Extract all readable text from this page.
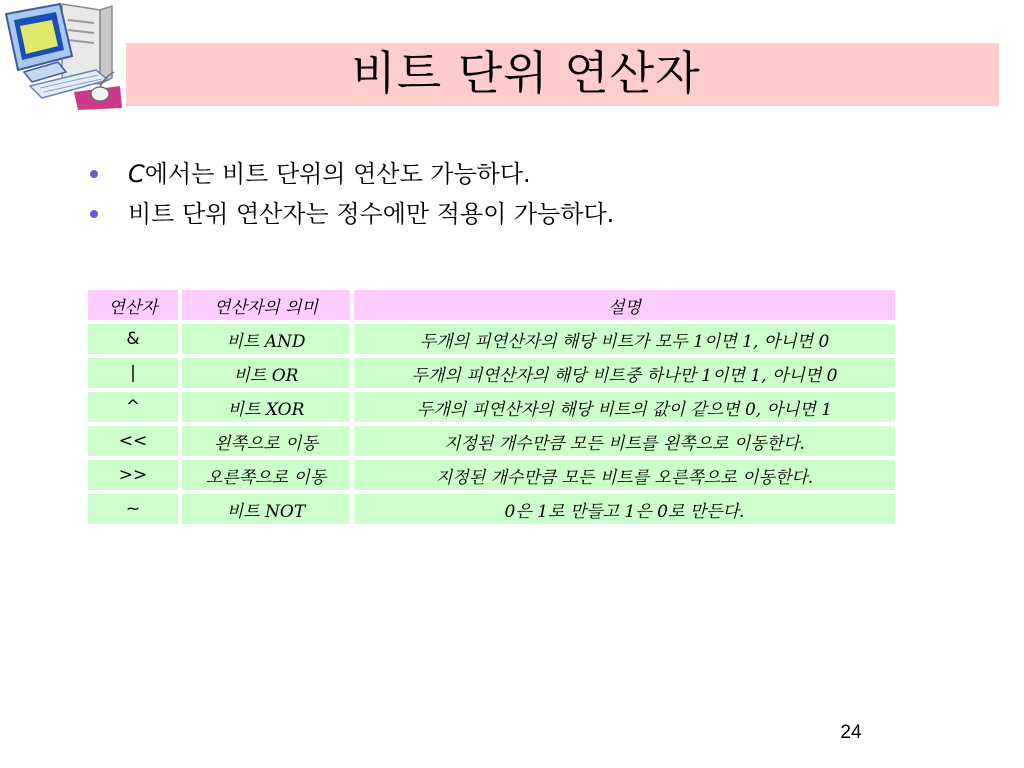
비트 단위 연산자
C에서는 비트 단위의 연산도 가능하다.
비트 단위 연산자는 정수에만 적용이 가능하다.
연산자	연산자의 의미	설명
&	비트 AND	두개의 피연산자의 해당 비트가 모두 1이면 1, 아니면 0
|	비트 OR	두개의 피연산자의 해당 비트중 하나만 1이면 1, 아니면 0
^	비트 XOR	두개의 피연산자의 해당 비트의 값이 같으면 0, 아니면 1
<<	왼쪽으로 이동	지정된 개수만큼 모든 비트를 왼쪽으로 이동한다.
>>	오른쪽으로 이동	지정된 개수만큼 모든 비트를 오른쪽으로 이동한다.
~	비트 NOT	0은 1로 만들고 1은 0로 만든다.
24
